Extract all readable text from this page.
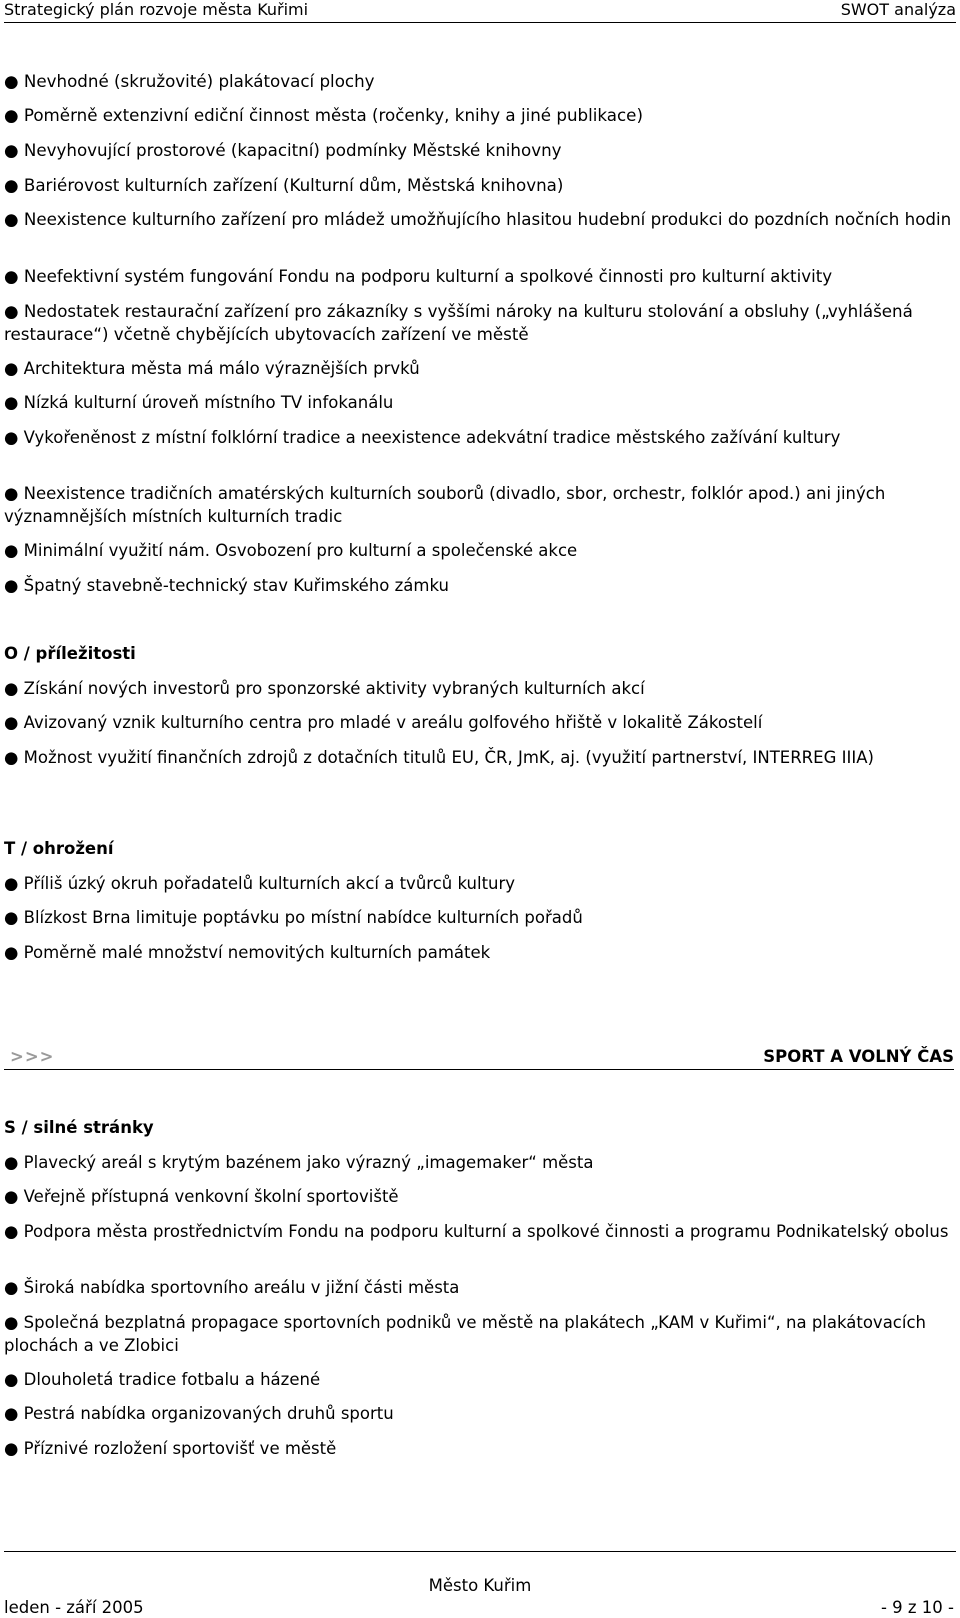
Strategický plán rozvoje města Kuřimi	SWOT analýza
● Nevhodné (skružovité) plakátovací plochy
● Poměrně extenzivní ediční činnost města (ročenky, knihy a jiné publikace)
● Nevyhovující prostorové (kapacitní) podmínky Městské knihovny
● Bariérovost kulturních zařízení (Kulturní dům, Městská knihovna)
● Neexistence kulturního zařízení pro mládež umožňujícího hlasitou hudební produkci do pozdních nočních hodin
● Neefektivní systém fungování Fondu na podporu kulturní a spolkové činnosti pro kulturní aktivity
● Nedostatek restaurační zařízení pro zákazníky s vyššími nároky na kulturu stolování a obsluhy („vyhlášená restaurace“) včetně chybějících ubytovacích zařízení ve městě
● Architektura města má málo výraznějších prvků
● Nízká kulturní úroveň místního TV infokanálu
● Vykořeněnost z místní folklórní tradice a neexistence adekvátní tradice městského zažívání kultury
● Neexistence tradičních amatérských kulturních souborů (divadlo, sbor, orchestr, folklór apod.) ani jiných významnějších místních kulturních tradic
● Minimální využití nám. Osvobození pro kulturní a společenské akce
● Špatný stavebně-technický stav Kuřimského zámku
O / příležitosti
● Získání nových investorů pro sponzorské aktivity vybraných kulturních akcí
● Avizovaný vznik kulturního centra pro mladé v areálu golfového hřiště v lokalitě Zákostelí
● Možnost využití finančních zdrojů z dotačních titulů EU, ČR, JmK, aj. (využití partnerství, INTERREG IIIA)
T / ohrožení
● Příliš úzký okruh pořadatelů kulturních akcí a tvůrců kultury
● Blízkost Brna limituje poptávku po místní nabídce kulturních pořadů
● Poměrně malé množství nemovitých kulturních památek
>>>	SPORT A VOLNÝ ČAS
S / silné stránky
● Plavecký areál s krytým bazénem jako výrazný „imagemaker“ města
● Veřejně přístupná venkovní školní sportoviště
● Podpora města prostřednictvím Fondu na podporu kulturní a spolkové činnosti a programu Podnikatelský obolus
● Široká nabídka sportovního areálu v jižní části města
● Společná bezplatná propagace sportovních podniků ve městě na plakátech „KAM v Kuřimi“, na plakátovacích plochách a ve Zlobici
● Dlouholetá tradice fotbalu a házené
● Pestrá nabídka organizovaných druhů sportu
● Příznivé rozložení sportovišť ve městě
Město Kuřim
leden - září 2005	- 9 z 10 -
